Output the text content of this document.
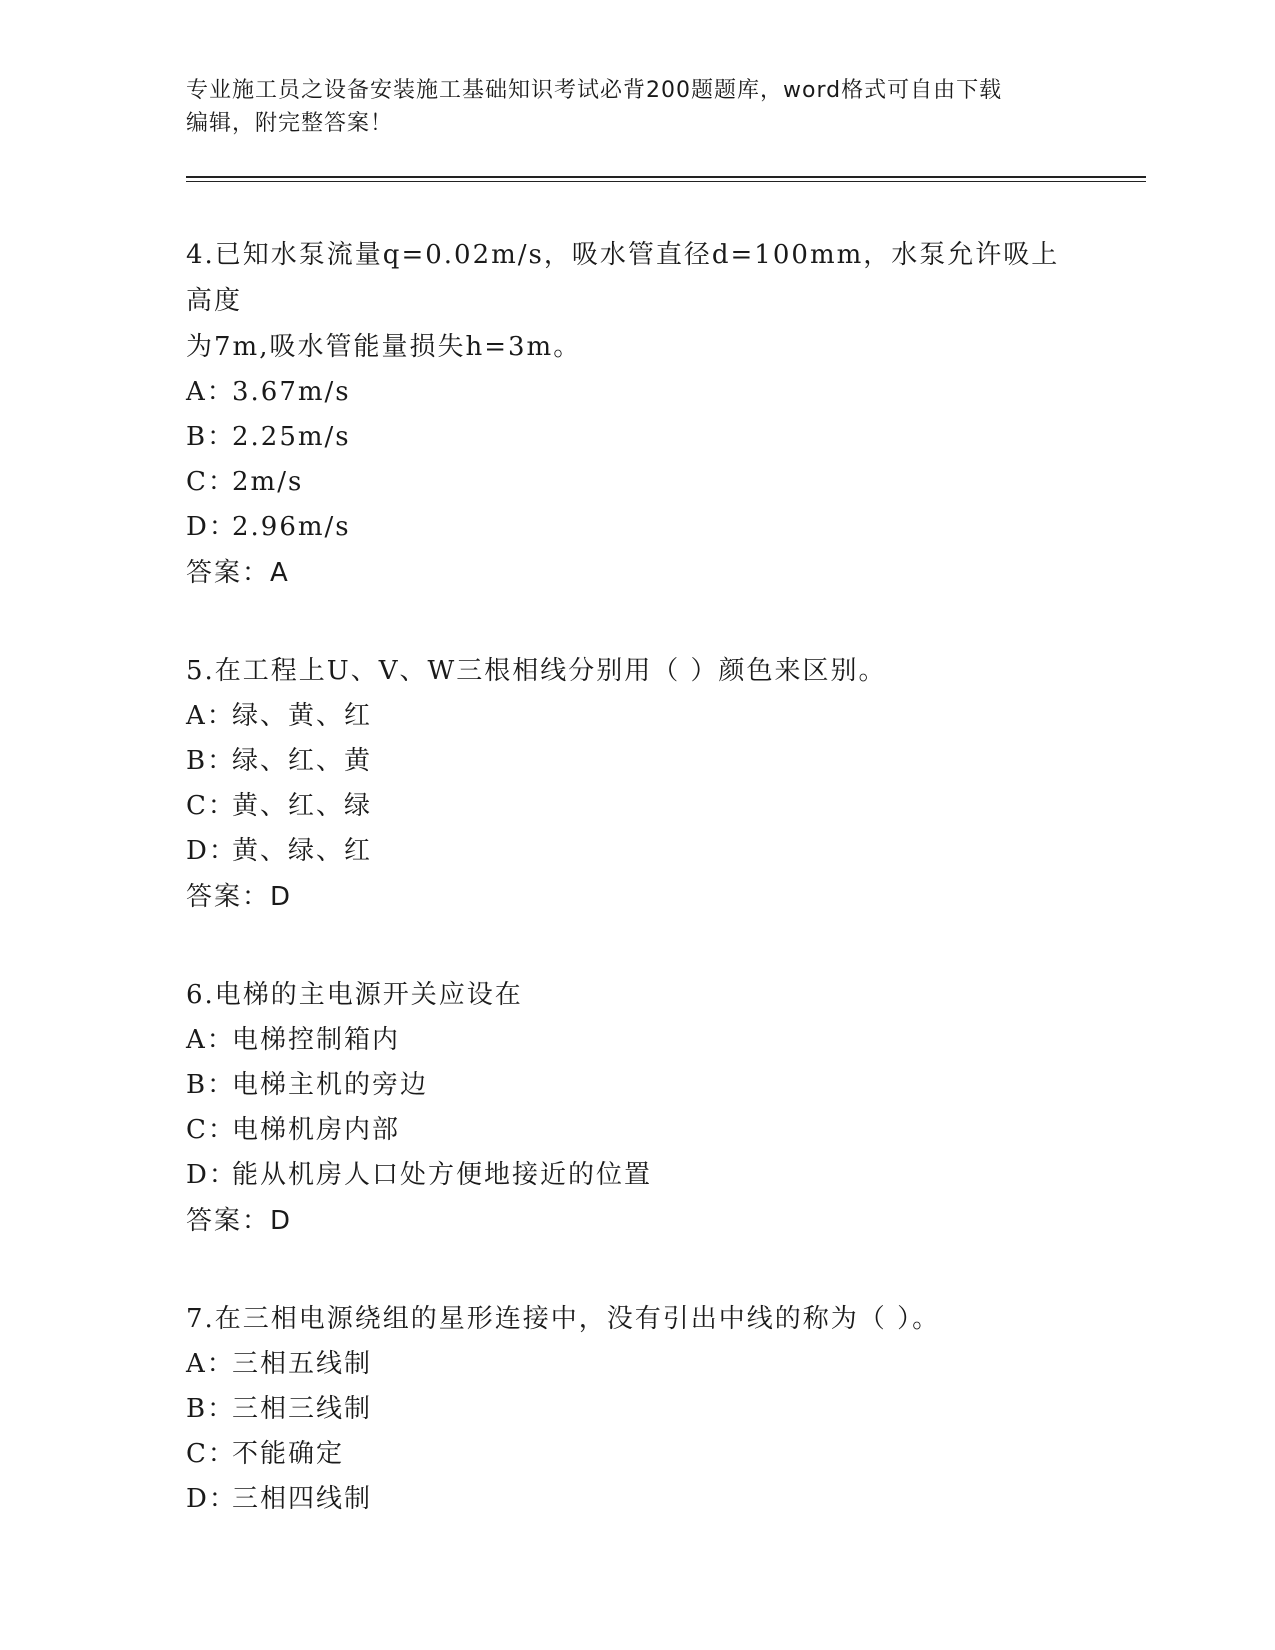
专业施工员之设备安装施工基础知识考试必背200题题库，word格式可自由下载
编辑，附完整答案！

4.已知水泵流量q=0.02m/s，吸水管直径d=100mm，水泵允许吸上高度

为7m,吸水管能量损失h=3m。

A：3.67m/s

B：2.25m/s

C：2m/s

D：2.96m/s

答案：A

5.在工程上U、V、W三根相线分别用（ ）颜色来区别。

A：绿、黄、红

B：绿、红、黄

C：黄、红、绿

D：黄、绿、红

答案：D

6.电梯的主电源开关应设在

A：电梯控制箱内

B：电梯主机的旁边

C：电梯机房内部

D：能从机房人口处方便地接近的位置

答案：D

7.在三相电源绕组的星形连接中，没有引出中线的称为（ ）。

A：三相五线制

B：三相三线制

C：不能确定

D：三相四线制
